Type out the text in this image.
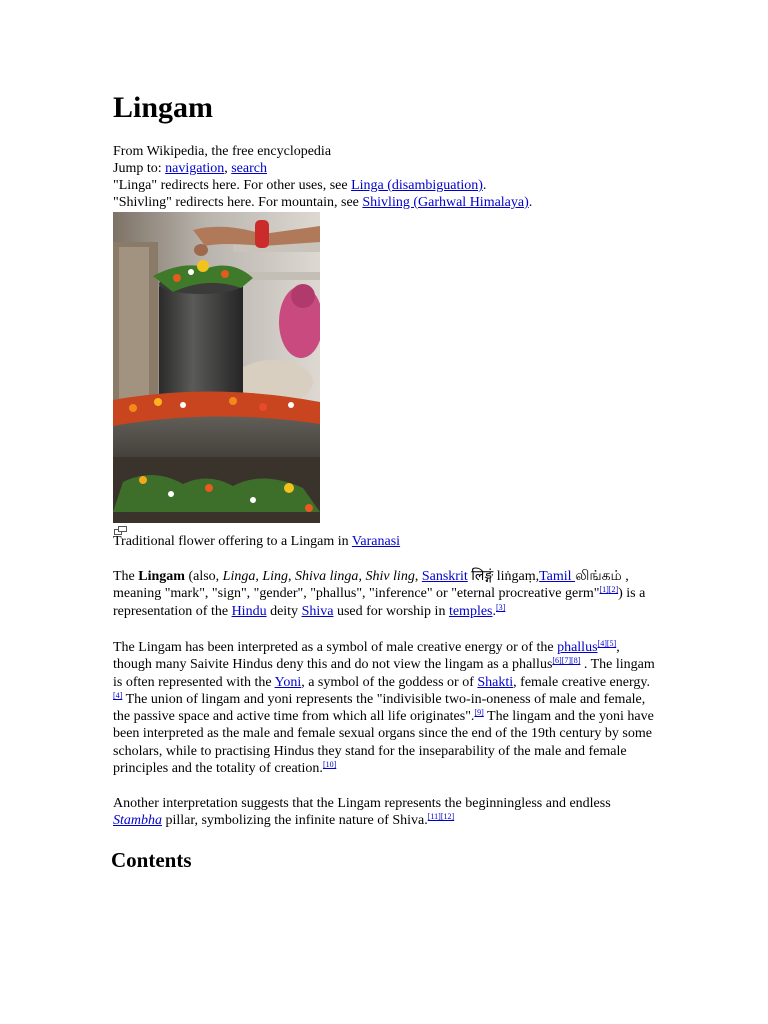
Lingam
From Wikipedia, the free encyclopedia
Jump to: navigation, search
"Linga" redirects here. For other uses, see Linga (disambiguation).
"Shivling" redirects here. For mountain, see Shivling (Garhwal Himalaya).
Traditional flower offering to a Lingam in Varanasi

The Lingam (also, Linga, Ling, Shiva linga, Shiv ling, Sanskrit लिङ्गं liṅgaṃ,Tamil லிங்கம் , meaning "mark", "sign", "gender", "phallus", "inference" or "eternal procreative germ"[1][2]) is a representation of the Hindu deity Shiva used for worship in temples.[3]

The Lingam has been interpreted as a symbol of male creative energy or of the phallus[4][5], though many Saivite Hindus deny this and do not view the lingam as a phallus[6][7][8] . The lingam is often represented with the Yoni, a symbol of the goddess or of Shakti, female creative energy.[4] The union of lingam and yoni represents the "indivisible two-in-oneness of male and female, the passive space and active time from which all life originates".[9] The lingam and the yoni have been interpreted as the male and female sexual organs since the end of the 19th century by some scholars, while to practising Hindus they stand for the inseparability of the male and female principles and the totality of creation.[10]

Another interpretation suggests that the Lingam represents the beginningless and endless Stambha pillar, symbolizing the infinite nature of Shiva.[11][12]

Contents
